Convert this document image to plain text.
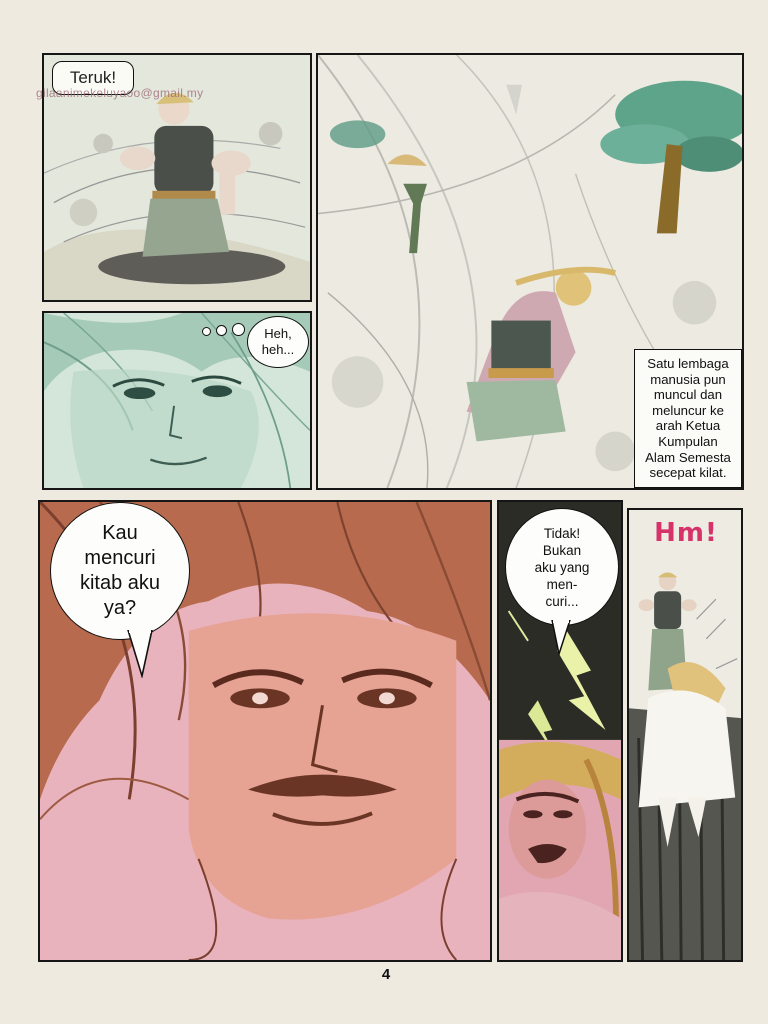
gilaanimekeluyaoo@gmail.my
Teruk!
Satu lembaga
manusia pun
muncul dan
meluncur ke
arah Ketua
Kumpulan
Alam Semesta
secepat kilat.
Heh,
heh...
Kau
mencuri
kitab aku
ya?
Tidak!
Bukan
aku yang
men-
curi...
Hm!
4
